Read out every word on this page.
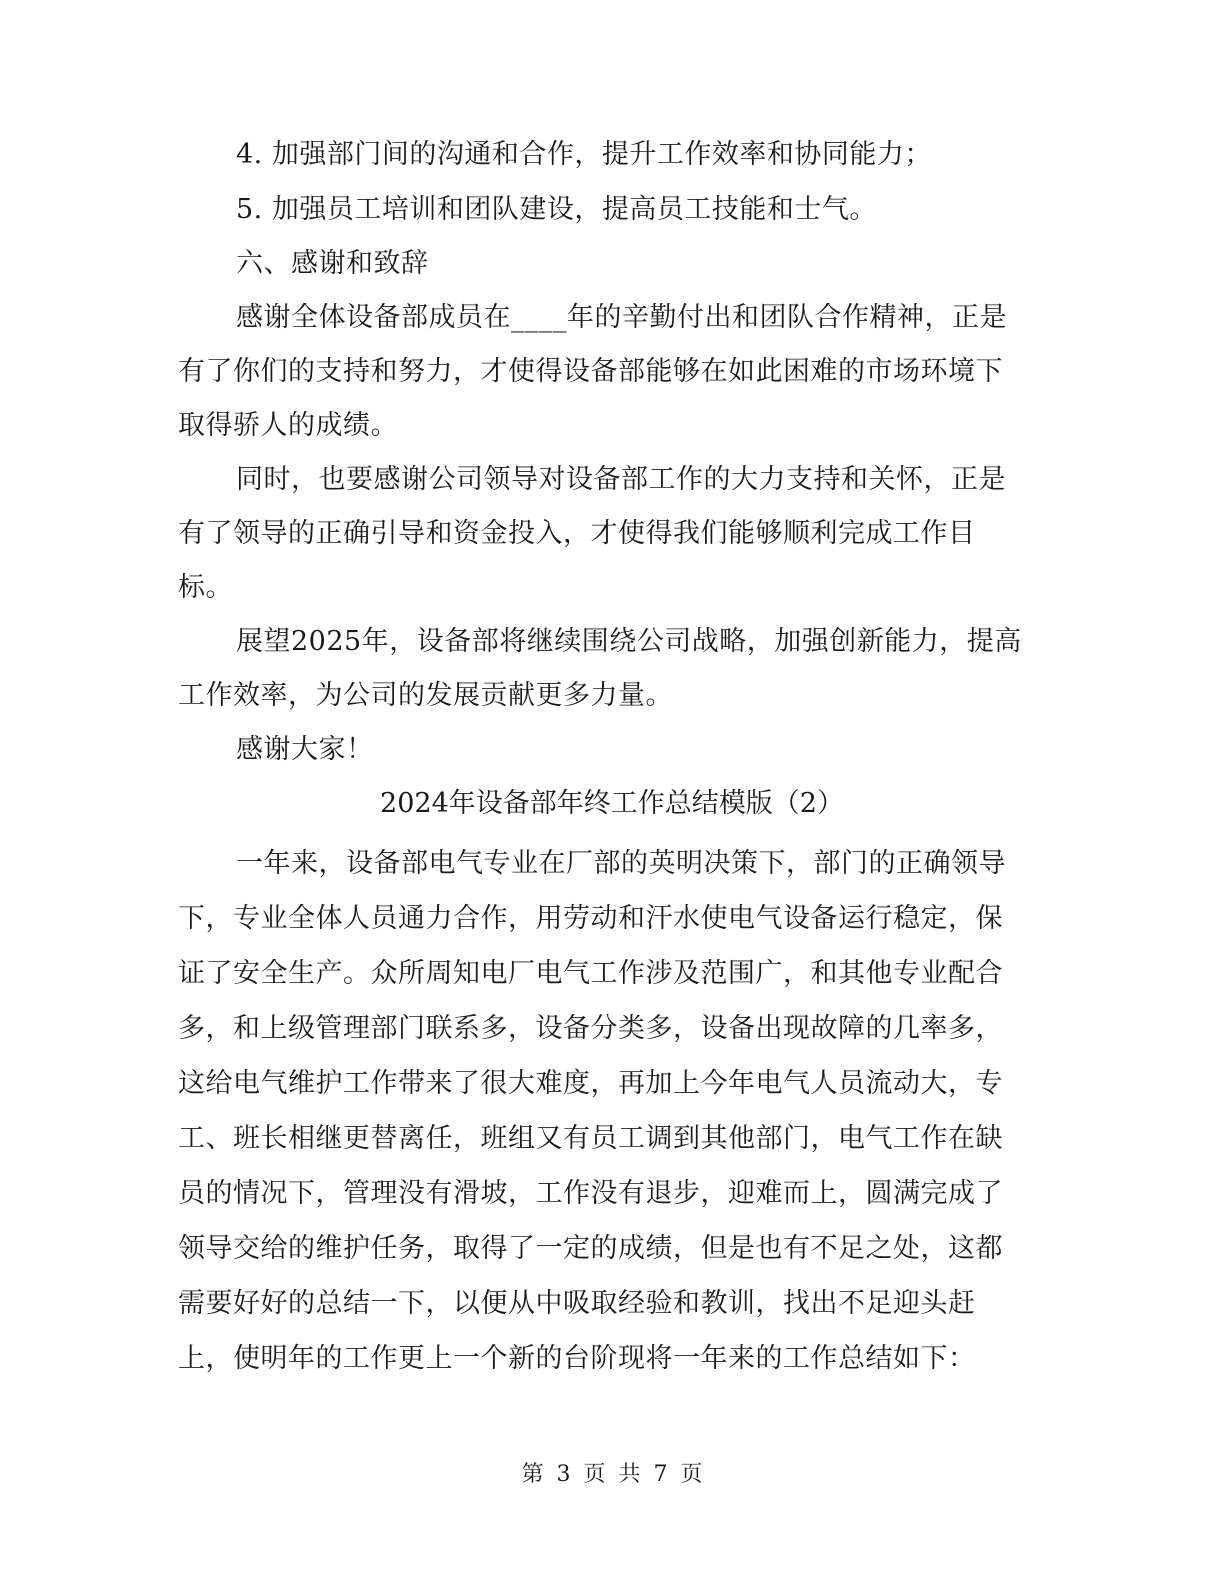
4. 加强部门间的沟通和合作，提升工作效率和协同能力；
5. 加强员工培训和团队建设，提高员工技能和士气。
六、感谢和致辞
感谢全体设备部成员在____年的辛勤付出和团队合作精神，正是
有了你们的支持和努力，才使得设备部能够在如此困难的市场环境下
取得骄人的成绩。
同时，也要感谢公司领导对设备部工作的大力支持和关怀，正是
有了领导的正确引导和资金投入，才使得我们能够顺利完成工作目
标。
展望2025年，设备部将继续围绕公司战略，加强创新能力，提高
工作效率，为公司的发展贡献更多力量。
感谢大家！
2024年设备部年终工作总结模版（2）
一年来，设备部电气专业在厂部的英明决策下，部门的正确领导
下，专业全体人员通力合作，用劳动和汗水使电气设备运行稳定，保
证了安全生产。众所周知电厂电气工作涉及范围广，和其他专业配合
多，和上级管理部门联系多，设备分类多，设备出现故障的几率多，
这给电气维护工作带来了很大难度，再加上今年电气人员流动大，专
工、班长相继更替离任，班组又有员工调到其他部门，电气工作在缺
员的情况下，管理没有滑坡，工作没有退步，迎难而上，圆满完成了
领导交给的维护任务，取得了一定的成绩，但是也有不足之处，这都
需要好好的总结一下，以便从中吸取经验和教训，找出不足迎头赶
上，使明年的工作更上一个新的台阶现将一年来的工作总结如下：
第 3 页 共 7 页
